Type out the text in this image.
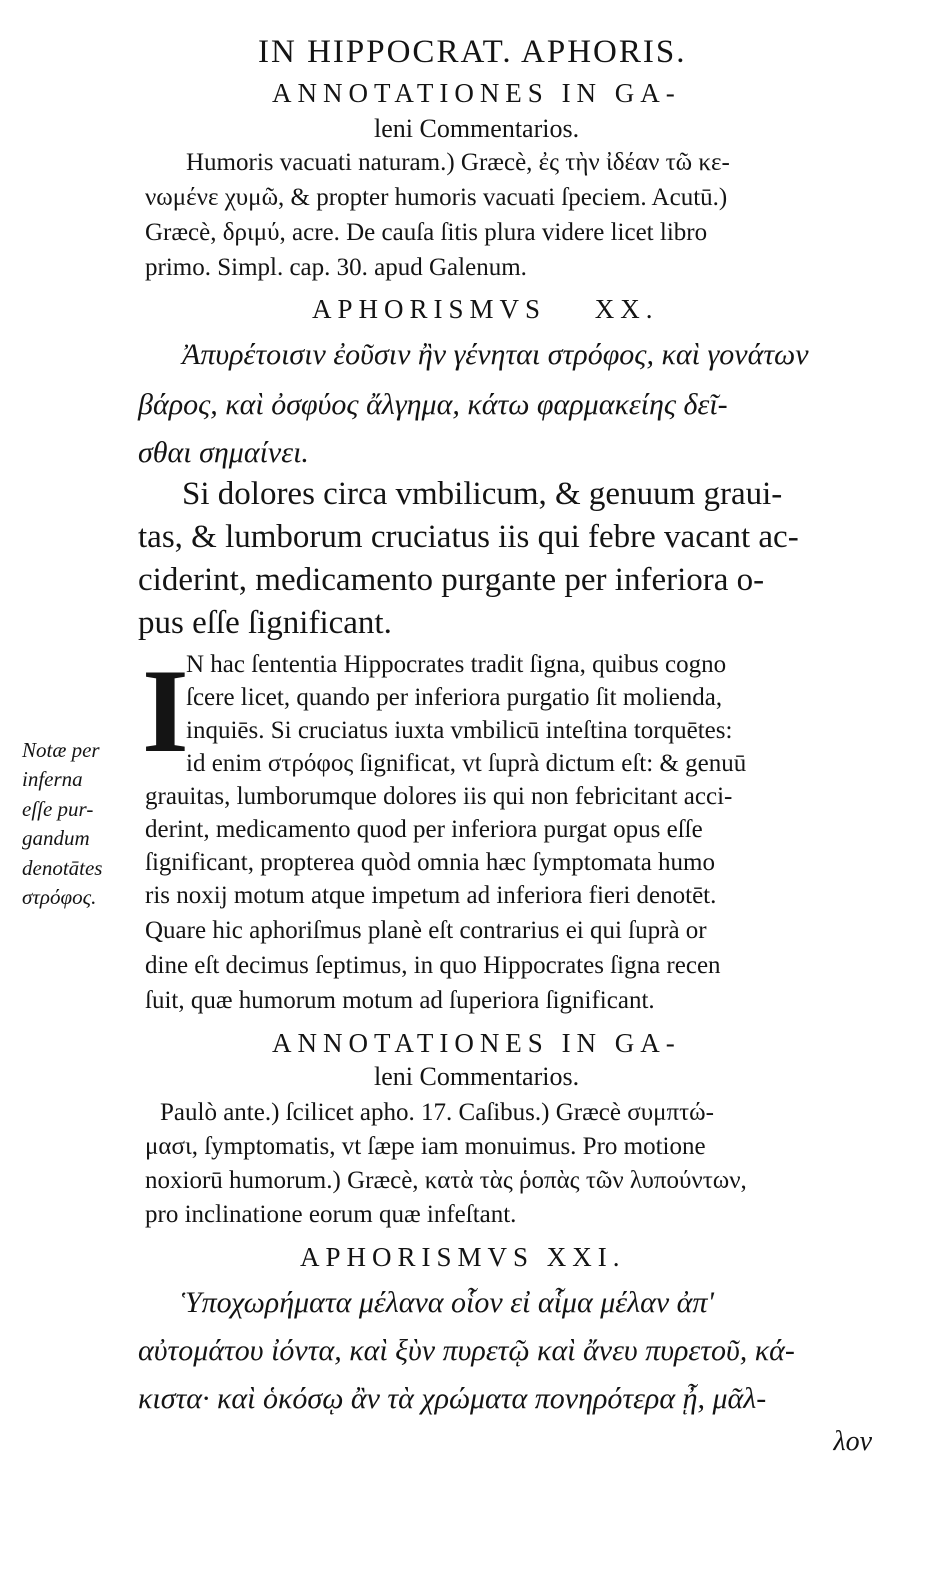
IN HIPPOCRAT. APHORIS.
ANNOTATIONES IN GA-
leni Commentarios.
Humoris vacuati naturam.) Græcè, ἐς τὴν ἰδέαν τῶ κε-
νωμένε χυμῶ, & propter humoris vacuati ſpeciem. Acutū.)
Græcè, δριμύ, acre. De cauſa ſitis plura videre licet libro
primo. Simpl. cap. 30. apud Galenum.
APHORISMVS XX.
Ἀπυρέτοισιν ἐοῦσιν ἢν γένηται στρόφος, καὶ γονάτων
βάρος, καὶ ὀσφύος ἄλγημα, κάτω φαρμακείης δεῖ-
σθαι σημαίνει.
Si dolores circa vmbilicum, & genuum graui-
tas, & lumborum cruciatus iis qui febre vacant ac-
ciderint, medicamento purgante per inferiora o-
pus eſſe ſignificant.
I
N hac ſententia Hippocrates tradit ſigna, quibus cogno
ſcere licet, quando per inferiora purgatio ſit molienda,
inquiēs. Si cruciatus iuxta vmbilicū inteſtina torquētes:
id enim στρόφος ſignificat, vt ſuprà dictum eſt: & genuū
grauitas, lumborumque dolores iis qui non febricitant acci-
derint, medicamento quod per inferiora purgat opus eſſe
ſignificant, propterea quòd omnia hæc ſymptomata humo
ris noxij motum atque impetum ad inferiora fieri denotēt.
Quare hic aphoriſmus planè eſt contrarius ei qui ſuprà or
dine eſt decimus ſeptimus, in quo Hippocrates ſigna recen
ſuit, quæ humorum motum ad ſuperiora ſignificant.
Notæ per
inferna
eſſe pur-
gandum
denotātes
στρόφος.
ANNOTATIONES IN GA-
leni Commentarios.
Paulò ante.) ſcilicet apho. 17. Caſibus.) Græcè συμπτώ-
μασι, ſymptomatis, vt ſæpe iam monuimus. Pro motione
noxiorū humorum.) Græcè, κατὰ τὰς ῥοπὰς τῶν λυπούντων,
pro inclinatione eorum quæ infeſtant.
APHORISMVS XXI.
Ὑποχωρήματα μέλανα οἷον εἰ αἷμα μέλαν ἀπ'
αὐτομάτου ἰόντα, καὶ ξὺν πυρετῷ καὶ ἄνευ πυρετοῦ, κά-
κιστα· καὶ ὁκόσῳ ἂν τὰ χρώματα πονηρότερα ᾖ, μᾶλ-
λον
